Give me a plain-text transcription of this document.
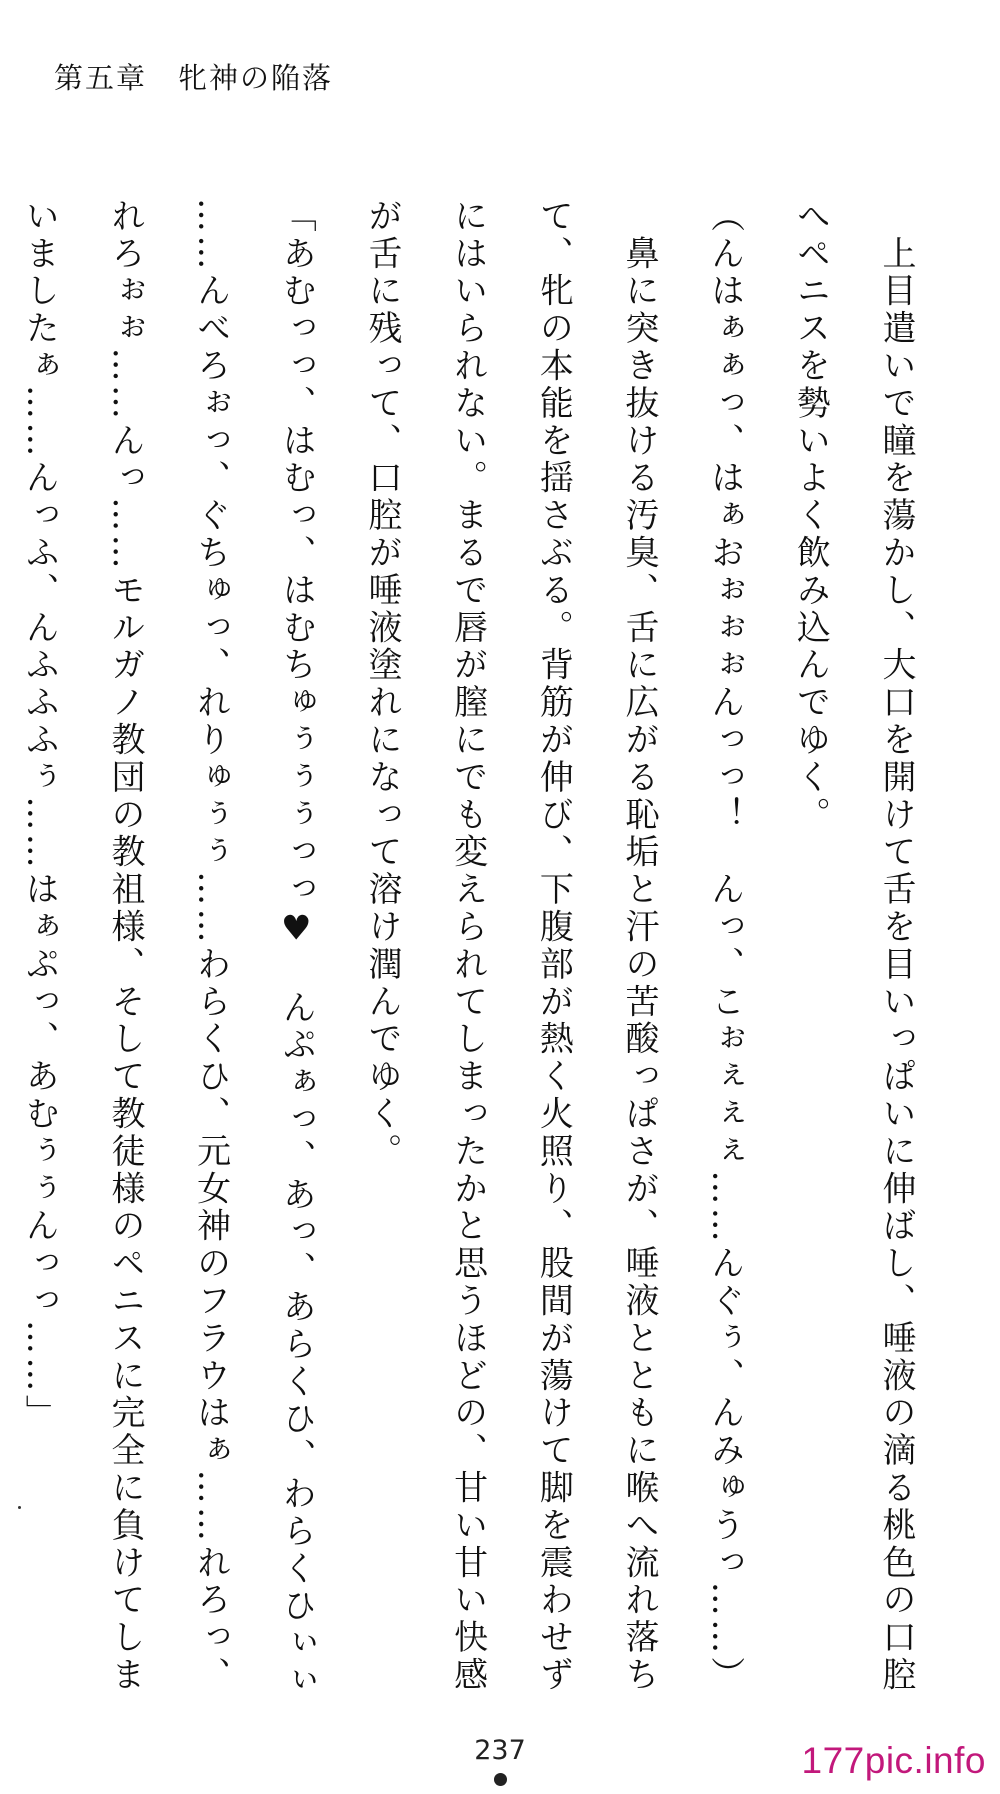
第五章　牝神の陥落

　上目遣いで瞳を蕩かし、大口を開けて舌を目いっぱいに伸ばし、唾液の滴る桃色の口腔

へペニスを勢いよく飲み込んでゆく。

（んはぁぁっ、はぁおぉぉぉんっっ！　んっ、こぉぇぇぇ……んぐぅ、んみゅうっ……）

　鼻に突き抜ける汚臭、舌に広がる恥垢と汗の苦酸っぱさが、唾液とともに喉へ流れ落ち

て、牝の本能を揺さぶる。背筋が伸び、下腹部が熱く火照り、股間が蕩けて脚を震わせず

にはいられない。まるで唇が膣にでも変えられてしまったかと思うほどの、甘い甘い快感

が舌に残って、口腔が唾液塗れになって溶け潤んでゆく。

「あむっっ、はむっ、はむちゅぅぅぅっっ♥　んぷぁっ、あっ、あらくひ、わらくひぃぃ

……んべろぉっ、ぐちゅっ、れりゅぅぅ……わらくひ、元女神のフラウはぁ……れろっ、

れろぉぉ……んっ……モルガノ教団の教祖様、そして教徒様のペニスに完全に負けてしま

いましたぁ……んっふ、んふふふぅ……はぁぷっ、あむぅぅんっっ……」

237	177pic.info
